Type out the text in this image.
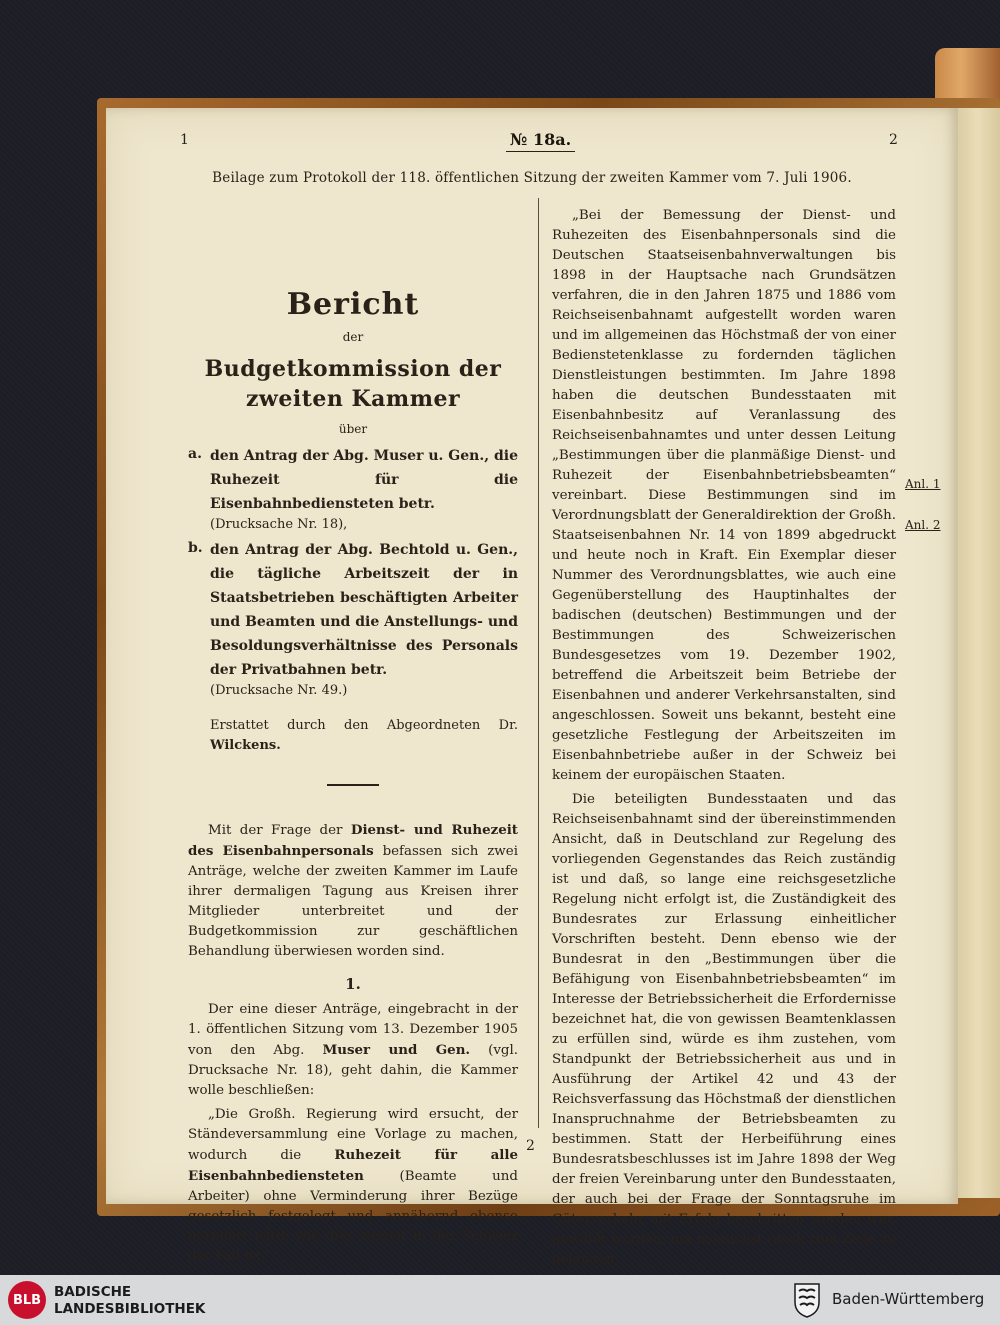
1	№ 18a.	2
Beilage zum Protokoll der 118. öffentlichen Sitzung der zweiten Kammer vom 7. Juli 1906.
Bericht
der
Budgetkommission der zweiten Kammer
über
a. den Antrag der Abg. Muser u. Gen., die Ruhezeit für die Eisenbahnbediensteten betr.
(Drucksache Nr. 18),
b. den Antrag der Abg. Bechtold u. Gen., die tägliche Arbeitszeit der in Staatsbetrieben beschäftigten Arbeiter und Beamten und die Anstellungs- und Besoldungsverhältnisse des Personals der Privatbahnen betr.
(Drucksache Nr. 49.)
Erstattet durch den Abgeordneten Dr. Wilckens.

Mit der Frage der Dienst- und Ruhezeit des Eisenbahnpersonals befassen sich zwei Anträge, welche der zweiten Kammer im Laufe ihrer dermaligen Tagung aus Kreisen ihrer Mitglieder unterbreitet und der Budgetkommission zur geschäftlichen Behandlung überwiesen worden sind.

1.

Der eine dieser Anträge, eingebracht in der 1. öffentlichen Sitzung vom 13. Dezember 1905 von den Abg. Muser und Gen. (vgl. Drucksache Nr. 18), geht dahin, die Kammer wolle beschließen:

„Die Großh. Regierung wird ersucht, der Ständeversammlung eine Vorlage zu machen, wodurch die Ruhezeit für alle Eisenbahnbediensteten	(Beamte und Arbeiter) ohne Verminderung ihrer Bezüge gesetzlich festgelegt und annähernd ebenso normiert wird, wie dies zurzeit in der Schweiz der Fall ist.“

„Bei der Bemessung der Dienst- und Ruhezeiten des Eisenbahnpersonals sind die Deutschen Staatseisenbahnverwaltungen bis 1898 in der Hauptsache nach Grundsätzen verfahren, die in den Jahren 1875 und 1886 vom Reichseisenbahnamt aufgestellt worden waren und im allgemeinen das Höchstmaß der von einer Bedienstetenklasse zu fordernden täglichen Dienstleistungen bestimmten. Im Jahre 1898 haben die deutschen Bundesstaaten mit Eisenbahnbesitz auf Veranlassung des Reichseisenbahnamtes und unter dessen Leitung „Bestimmungen über die planmäßige Dienst- und Ruhezeit der Eisenbahnbetriebsbeamten“ vereinbart. Diese Bestimmungen sind im Verordnungsblatt der Generaldirektion der Großh. Staatseisenbahnen Nr. 14 von 1899 abgedruckt und heute noch in Kraft. Ein Exemplar dieser Nummer des Verordnungsblattes, wie auch eine Gegenüberstellung des Hauptinhaltes der badischen (deutschen) Bestimmungen und der Bestimmungen des Schweizerischen Bundesgesetzes vom 19. Dezember 1902, betreffend die Arbeitszeit beim Betriebe der Eisenbahnen und anderer Verkehrsanstalten, sind angeschlossen. Soweit uns bekannt, besteht eine gesetzliche Festlegung der Arbeitszeiten im Eisenbahnbetriebe außer in der Schweiz bei keinem der europäischen Staaten.

Die beteiligten Bundesstaaten und das Reichseisenbahnamt sind der übereinstimmenden Ansicht, daß in Deutschland zur Regelung des vorliegenden Gegenstandes das Reich zuständig ist und daß, so lange eine reichsgesetzliche Regelung nicht erfolgt ist, die Zuständigkeit des Bundesrates zur Erlassung einheitlicher Vorschriften besteht. Denn ebenso wie der Bundesrat in den „Bestimmungen über die Befähigung von Eisenbahnbetriebsbeamten“ im Interesse der Betriebssicherheit die Erfordernisse bezeichnet hat, die von gewissen Beamtenklassen zu erfüllen sind, würde es ihm zustehen, vom Standpunkt der Betriebssicherheit aus und in Ausführung der Artikel 42 und 43 der Reichsverfassung das Höchstmaß der dienstlichen Inanspruchnahme der Betriebsbeamten zu bestimmen. Statt der Herbeiführung eines Bundesratsbeschlusses ist im Jahre 1898 der Weg der freien Vereinbarung unter den Bundesstaaten, der auch bei der Frage der Sonntagsruhe im Güterverkehr mit Erfolg beschritten worden war, gewählt worden, um möglichst rasch zum Ziele zu gelangen.

2
Anl. 1
Anl. 2
BLB BADISCHE
LANDESBIBLIOTHEK
Baden-Württemberg
